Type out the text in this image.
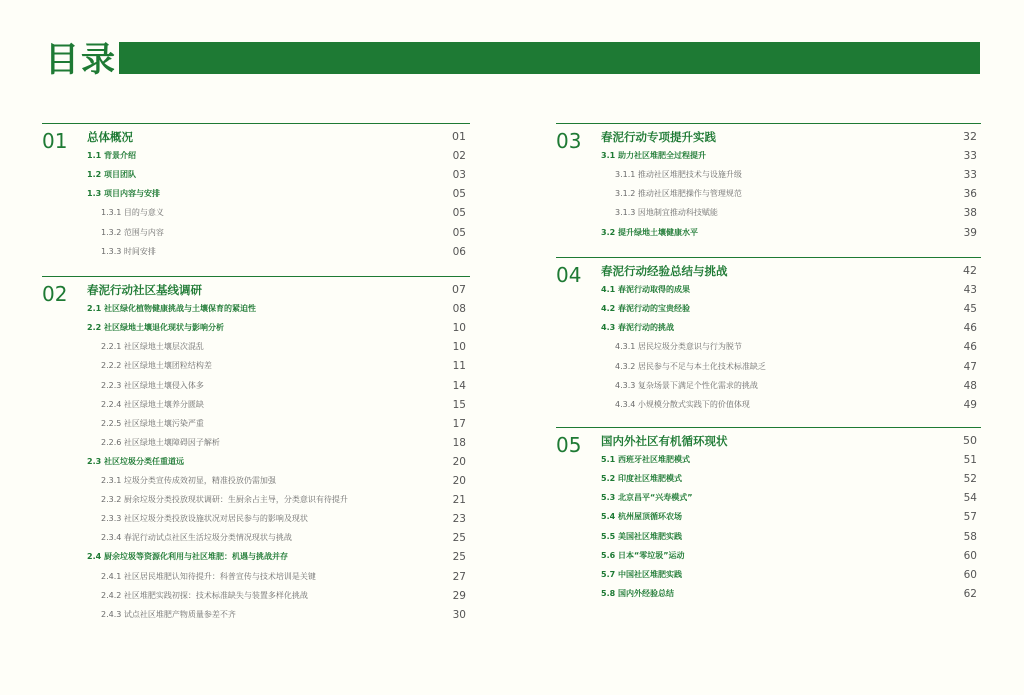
目录
01 总体概况	01
1.1 背景介绍	02
1.2 项目团队	03
1.3 项目内容与安排	05
1.3.1 目的与意义	05
1.3.2 范围与内容	05
1.3.3 时间安排	06
02 春泥行动社区基线调研	07
2.1 社区绿化植物健康挑战与土壤保育的紧迫性	08
2.2 社区绿地土壤退化现状与影响分析	10
2.2.1 社区绿地土壤层次混乱	10
2.2.2 社区绿地土壤团粒结构差	11
2.2.3 社区绿地土壤侵入体多	14
2.2.4 社区绿地土壤养分匮缺	15
2.2.5 社区绿地土壤污染严重	17
2.2.6 社区绿地土壤障碍因子解析	18
2.3 社区垃圾分类任重道远	20
2.3.1 垃圾分类宣传成效初显，精准投放仍需加强	20
2.3.2 厨余垃圾分类投放现状调研：生厨余占主导，分类意识有待提升	21
2.3.3 社区垃圾分类投放设施状况对居民参与的影响及现状	23
2.3.4 春泥行动试点社区生活垃圾分类情况现状与挑战	25
2.4 厨余垃圾等资源化利用与社区堆肥：机遇与挑战并存	25
2.4.1 社区居民堆肥认知待提升：科普宣传与技术培训是关键	27
2.4.2 社区堆肥实践初探：技术标准缺失与装置多样化挑战	29
2.4.3 试点社区堆肥产物质量参差不齐	30
03 春泥行动专项提升实践	32
3.1 助力社区堆肥全过程提升	33
3.1.1 推动社区堆肥技术与设施升级	33
3.1.2 推动社区堆肥操作与管理规范	36
3.1.3 因地制宜推动科技赋能	38
3.2 提升绿地土壤健康水平	39
04 春泥行动经验总结与挑战	42
4.1 春泥行动取得的成果	43
4.2 春泥行动的宝贵经验	45
4.3 春泥行动的挑战	46
4.3.1 居民垃圾分类意识与行为脱节	46
4.3.2 居民参与不足与本土化技术标准缺乏	47
4.3.3 复杂场景下满足个性化需求的挑战	48
4.3.4 小规模分散式实践下的价值体现	49
05 国内外社区有机循环现状	50
5.1 西班牙社区堆肥模式	51
5.2 印度社区堆肥模式	52
5.3 北京昌平“兴寿模式”	54
5.4 杭州屋顶循环农场	57
5.5 美国社区堆肥实践	58
5.6 日本“零垃圾”运动	60
5.7 中国社区堆肥实践	60
5.8 国内外经验总结	62
